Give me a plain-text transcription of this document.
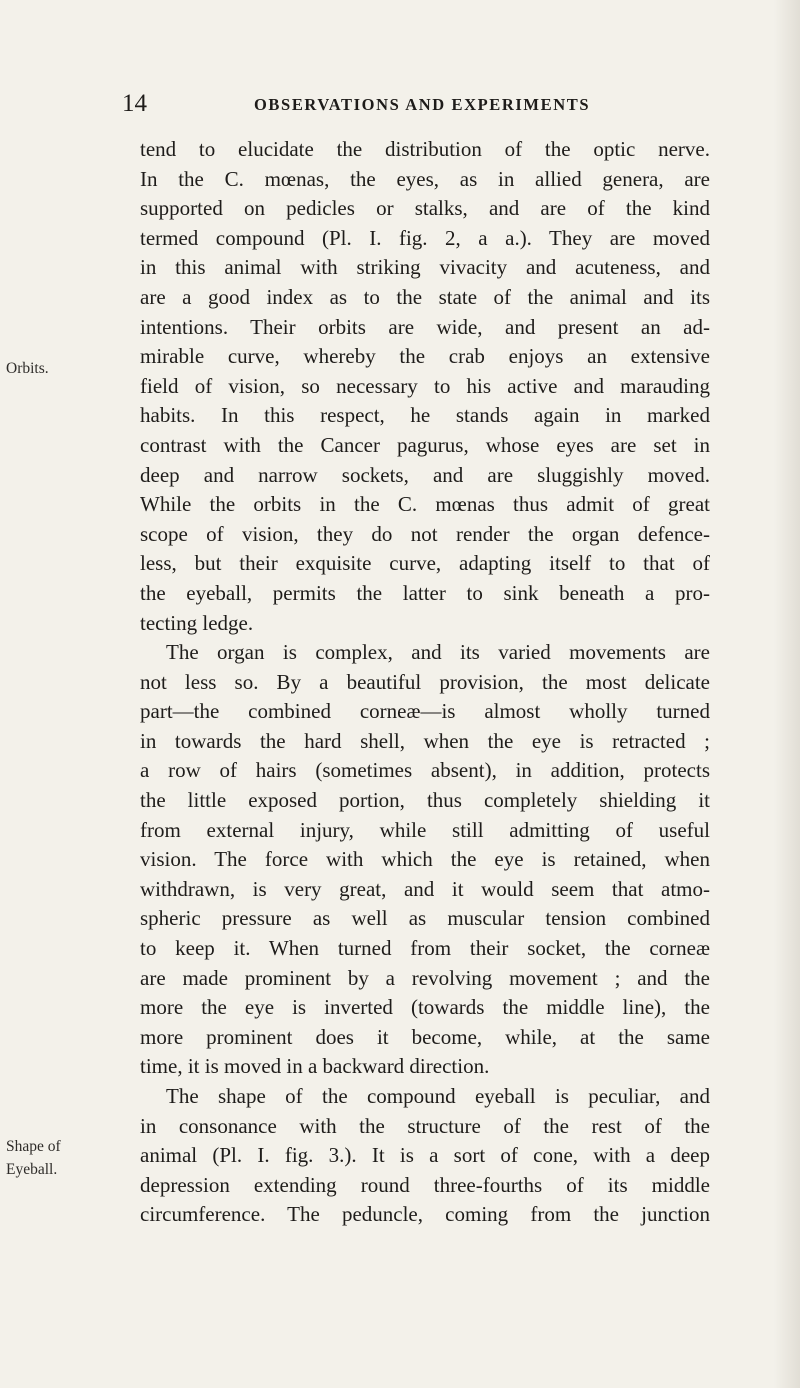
14	OBSERVATIONS AND EXPERIMENTS
Orbits.
Shape of
Eyeball.
tend to elucidate the distribution of the optic nerve.
In the C. mœnas, the eyes, as in allied genera, are
supported on pedicles or stalks, and are of the kind
termed compound (Pl. I. fig. 2, a a.). They are moved
in this animal with striking vivacity and acuteness, and
are a good index as to the state of the animal and its
intentions. Their orbits are wide, and present an ad-
mirable curve, whereby the crab enjoys an extensive
field of vision, so necessary to his active and marauding
habits. In this respect, he stands again in marked
contrast with the Cancer pagurus, whose eyes are set in
deep and narrow sockets, and are sluggishly moved.
While the orbits in the C. mœnas thus admit of great
scope of vision, they do not render the organ defence-
less, but their exquisite curve, adapting itself to that of
the eyeball, permits the latter to sink beneath a pro-
tecting ledge.
The organ is complex, and its varied movements are
not less so. By a beautiful provision, the most delicate
part—the combined corneæ—is almost wholly turned
in towards the hard shell, when the eye is retracted ;
a row of hairs (sometimes absent), in addition, protects
the little exposed portion, thus completely shielding it
from external injury, while still admitting of useful
vision. The force with which the eye is retained, when
withdrawn, is very great, and it would seem that atmo-
spheric pressure as well as muscular tension combined
to keep it. When turned from their socket, the corneæ
are made prominent by a revolving movement ; and the
more the eye is inverted (towards the middle line), the
more prominent does it become, while, at the same
time, it is moved in a backward direction.
The shape of the compound eyeball is peculiar, and
in consonance with the structure of the rest of the
animal (Pl. I. fig. 3.). It is a sort of cone, with a deep
depression extending round three-fourths of its middle
circumference. The peduncle, coming from the junction
